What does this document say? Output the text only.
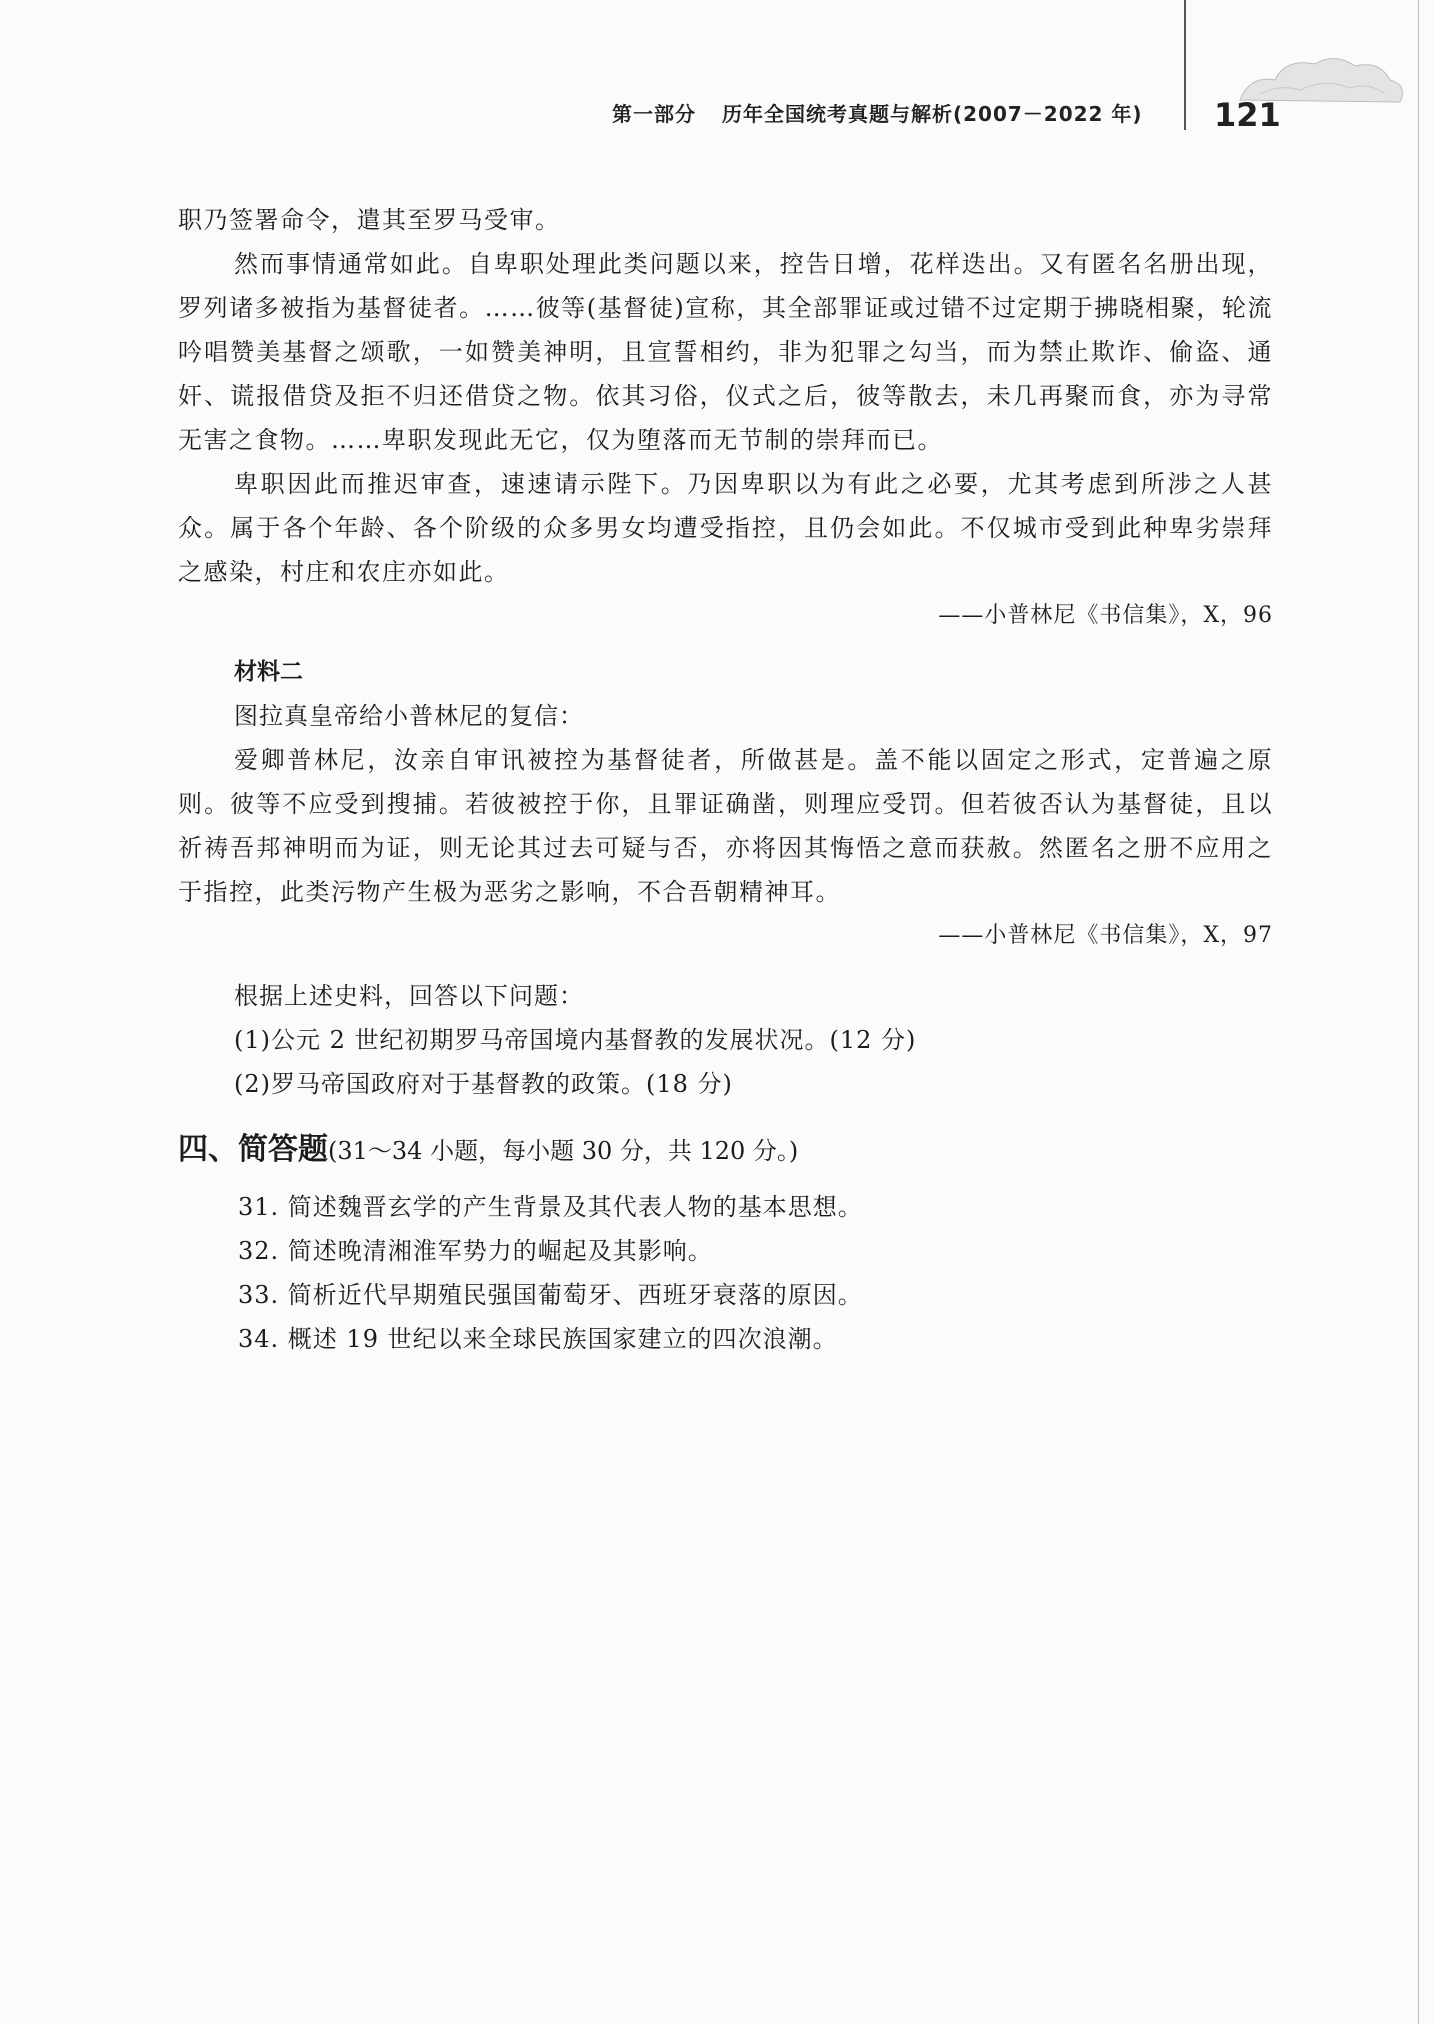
第一部分 历年全国统考真题与解析(2007－2022 年) 121

职乃签署命令，遣其至罗马受审。

然而事情通常如此。自卑职处理此类问题以来，控告日增，花样迭出。又有匿名名册出现，罗列诸多被指为基督徒者。……彼等(基督徒)宣称，其全部罪证或过错不过定期于拂晓相聚，轮流吟唱赞美基督之颂歌，一如赞美神明，且宣誓相约，非为犯罪之勾当，而为禁止欺诈、偷盗、通奸、谎报借贷及拒不归还借贷之物。依其习俗，仪式之后，彼等散去，未几再聚而食，亦为寻常无害之食物。……卑职发现此无它，仅为堕落而无节制的崇拜而已。

卑职因此而推迟审查，速速请示陛下。乃因卑职以为有此之必要，尤其考虑到所涉之人甚众。属于各个年龄、各个阶级的众多男女均遭受指控，且仍会如此。不仅城市受到此种卑劣崇拜之感染，村庄和农庄亦如此。

——小普林尼《书信集》，X，96

材料二

图拉真皇帝给小普林尼的复信：

爱卿普林尼，汝亲自审讯被控为基督徒者，所做甚是。盖不能以固定之形式，定普遍之原则。彼等不应受到搜捕。若彼被控于你，且罪证确凿，则理应受罚。但若彼否认为基督徒，且以祈祷吾邦神明而为证，则无论其过去可疑与否，亦将因其悔悟之意而获赦。然匿名之册不应用之于指控，此类污物产生极为恶劣之影响，不合吾朝精神耳。

——小普林尼《书信集》，X，97

根据上述史料，回答以下问题：

(1)公元 2 世纪初期罗马帝国境内基督教的发展状况。(12 分)

(2)罗马帝国政府对于基督教的政策。(18 分)

四、简答题(31～34 小题，每小题 30 分，共 120 分。)

31. 简述魏晋玄学的产生背景及其代表人物的基本思想。

32. 简述晚清湘淮军势力的崛起及其影响。

33. 简析近代早期殖民强国葡萄牙、西班牙衰落的原因。

34. 概述 19 世纪以来全球民族国家建立的四次浪潮。
